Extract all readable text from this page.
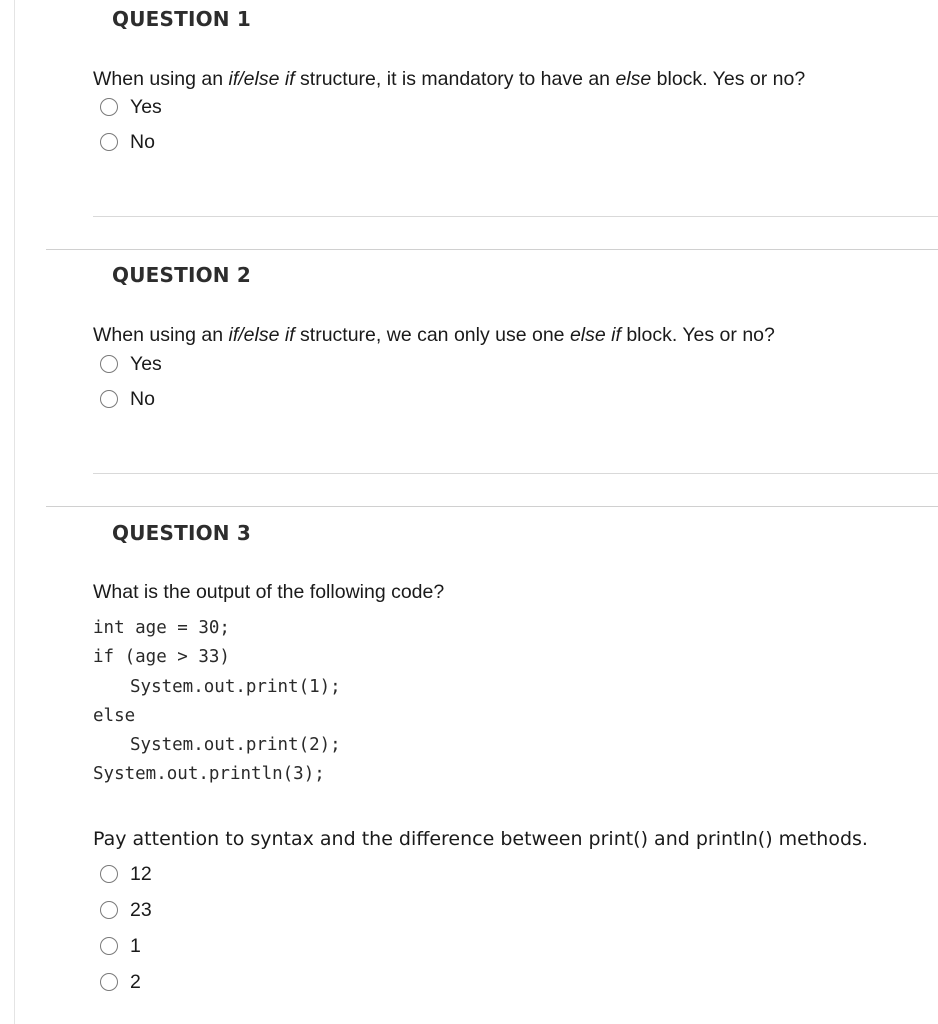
QUESTION 1

When using an if/else if structure, it is mandatory to have an else block. Yes or no?

Yes
No
QUESTION 2

When using an if/else if structure, we can only use one else if block. Yes or no?

Yes
No
QUESTION 3

What is the output of the following code?

int age = 30;
if (age > 33)
System.out.print(1);
else
System.out.print(2);
System.out.println(3);

Pay attention to syntax and the difference between print() and println() methods.

12
23
1
2
